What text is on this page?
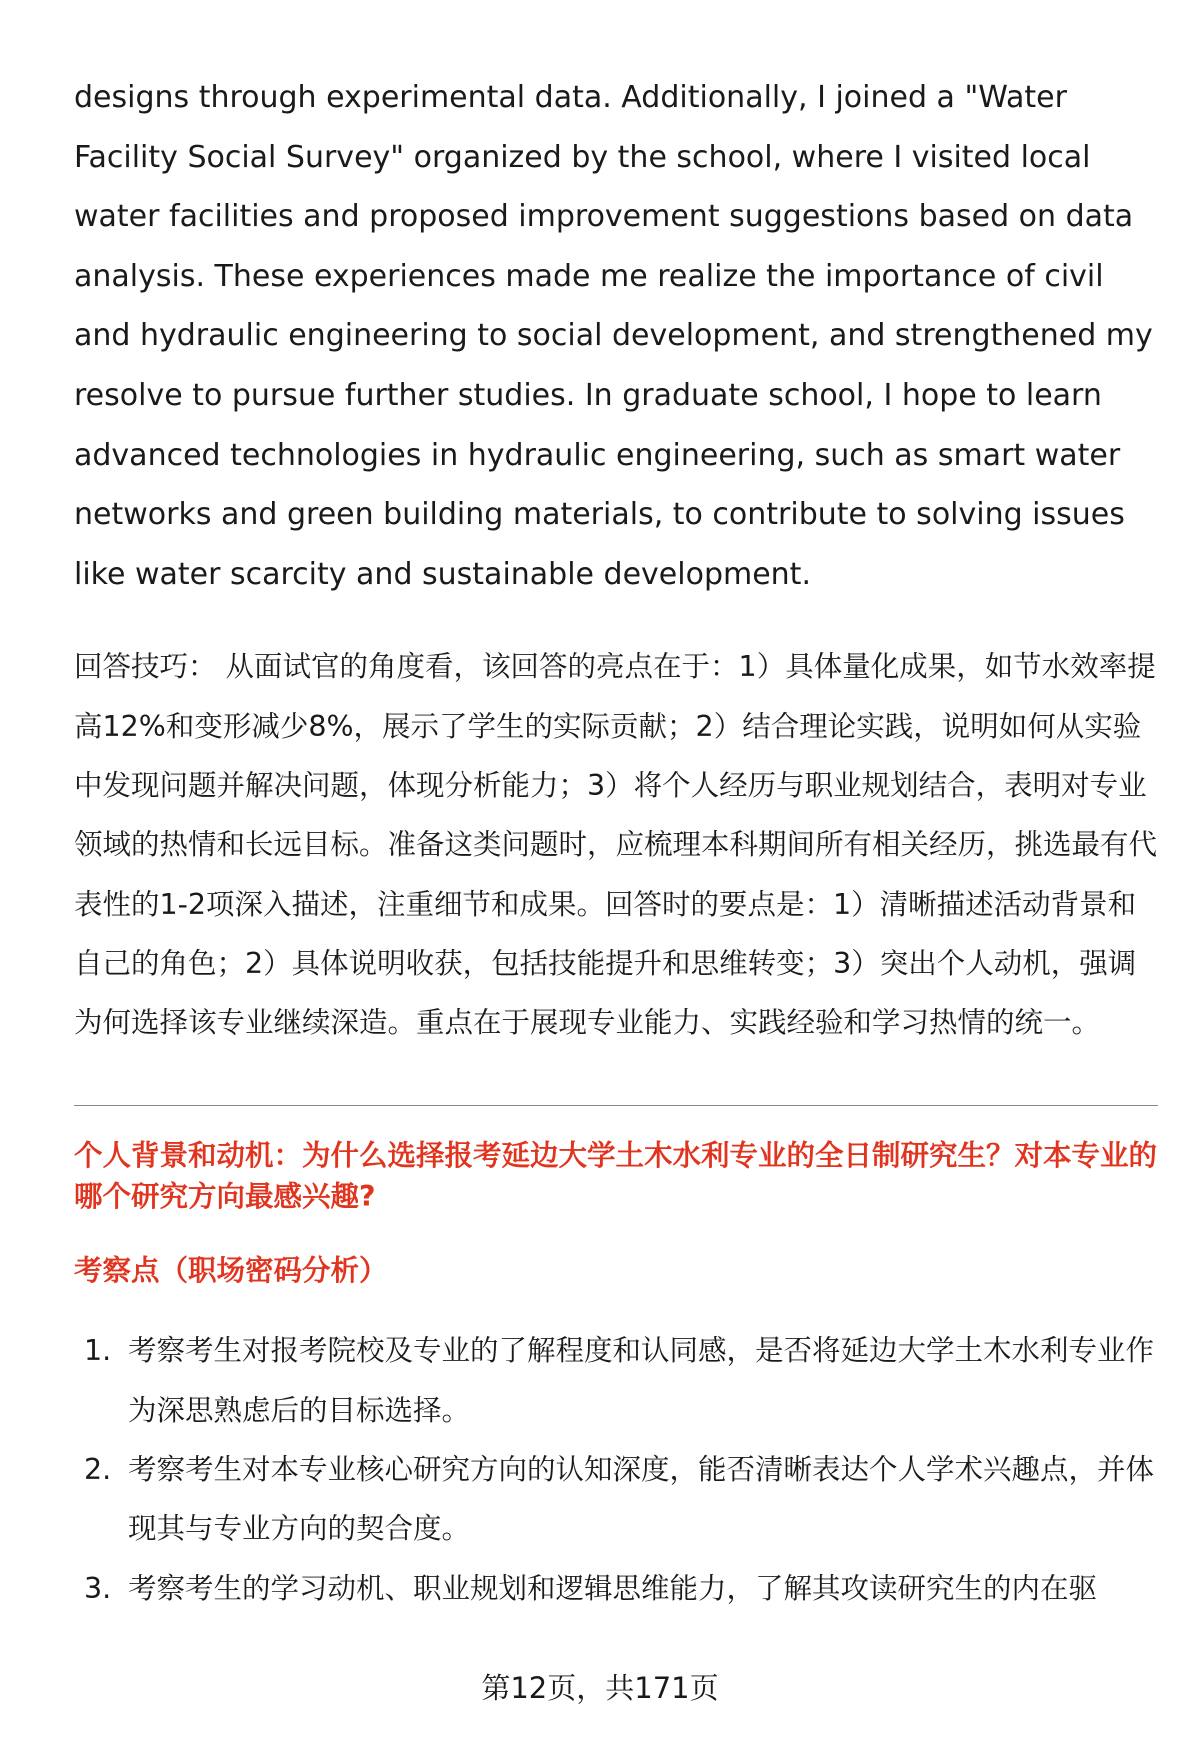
designs through experimental data. Additionally, I joined a "Water Facility Social Survey" organized by the school, where I visited local water facilities and proposed improvement suggestions based on data analysis. These experiences made me realize the importance of civil and hydraulic engineering to social development, and strengthened my resolve to pursue further studies. In graduate school, I hope to learn advanced technologies in hydraulic engineering, such as smart water networks and green building materials, to contribute to solving issues like water scarcity and sustainable development.

回答技巧： 从面试官的角度看，该回答的亮点在于：1）具体量化成果，如节水效率提高12%和变形减少8%，展示了学生的实际贡献；2）结合理论实践，说明如何从实验中发现问题并解决问题，体现分析能力；3）将个人经历与职业规划结合，表明对专业领域的热情和长远目标。准备这类问题时，应梳理本科期间所有相关经历，挑选最有代表性的1-2项深入描述，注重细节和成果。回答时的要点是：1）清晰描述活动背景和自己的角色；2）具体说明收获，包括技能提升和思维转变；3）突出个人动机，强调为何选择该专业继续深造。重点在于展现专业能力、实践经验和学习热情的统一。

个人背景和动机：为什么选择报考延边大学土木水利专业的全日制研究生？对本专业的哪个研究方向最感兴趣?
考察点（职场密码分析）
1. 考察考生对报考院校及专业的了解程度和认同感，是否将延边大学土木水利专业作为深思熟虑后的目标选择。
2. 考察考生对本专业核心研究方向的认知深度，能否清晰表达个人学术兴趣点，并体现其与专业方向的契合度。
3. 考察考生的学习动机、职业规划和逻辑思维能力，了解其攻读研究生的内在驱
第12页，共171页
